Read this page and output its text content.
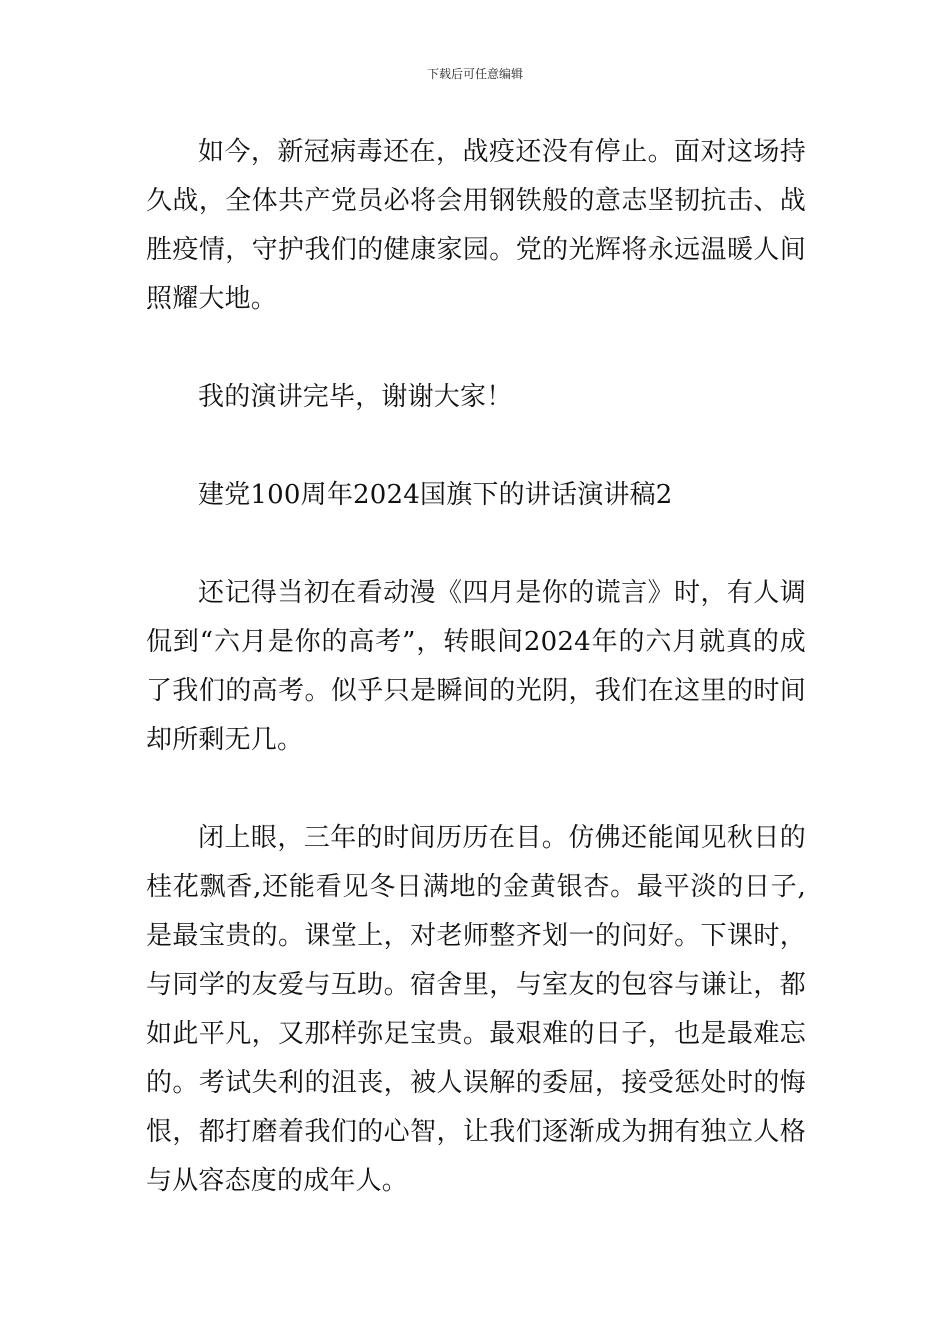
下载后可任意编辑

如今，新冠病毒还在，战疫还没有停止。面对这场持久战，全体共产党员必将会用钢铁般的意志坚韧抗击、战胜疫情，守护我们的健康家园。党的光辉将永远温暖人间照耀大地。

我的演讲完毕，谢谢大家！

建党100周年2024国旗下的讲话演讲稿2

还记得当初在看动漫《四月是你的谎言》时，有人调侃到“六月是你的高考”，转眼间2024年的六月就真的成了我们的高考。似乎只是瞬间的光阴，我们在这里的时间却所剩无几。

闭上眼，三年的时间历历在目。仿佛还能闻见秋日的桂花飘香,还能看见冬日满地的金黄银杏。最平淡的日子,是最宝贵的。课堂上，对老师整齐划一的问好。下课时，与同学的友爱与互助。宿舍里，与室友的包容与谦让，都如此平凡，又那样弥足宝贵。最艰难的日子，也是最难忘的。考试失利的沮丧，被人误解的委屈，接受惩处时的悔恨，都打磨着我们的心智，让我们逐渐成为拥有独立人格与从容态度的成年人。
